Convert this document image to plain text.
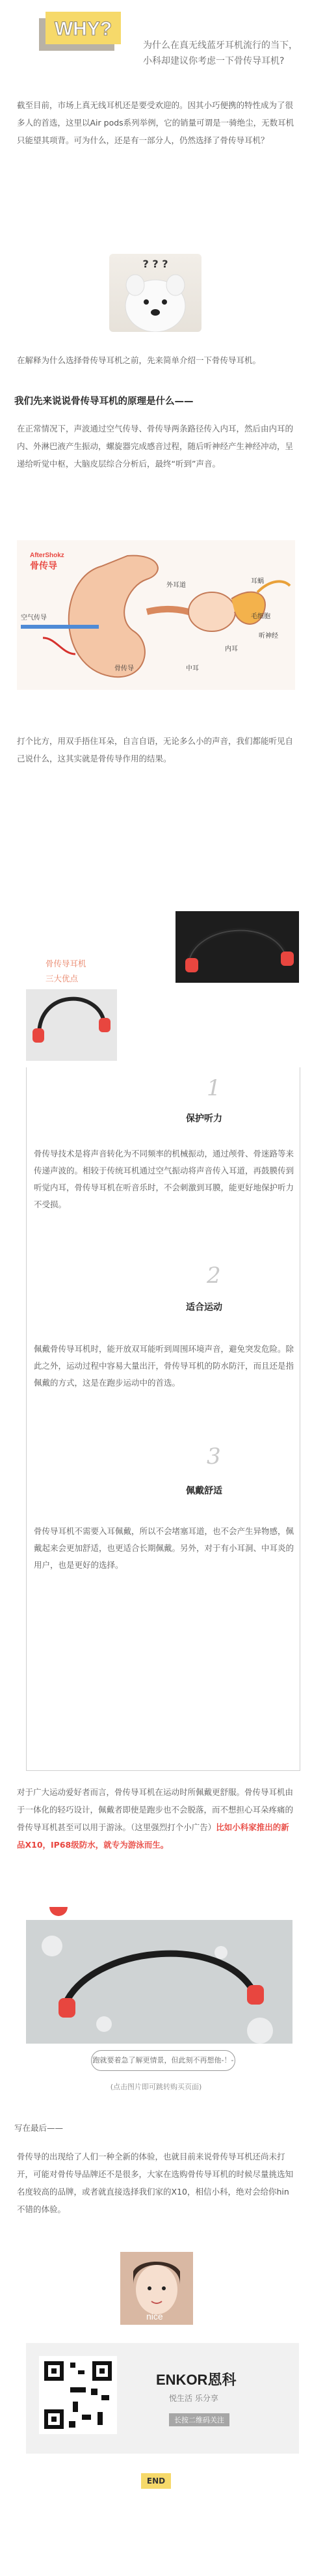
WHY?
为什么在真无线蓝牙耳机流行的当下，小科却建议你考虑一下骨传导耳机?

截至目前，市场上真无线耳机还是要受欢迎的。因其小巧便携的特性成为了很多人的首选，这里以Air pods系列举例，它的销量可谓是一骑绝尘，无数耳机只能望其项背。可为什么，还是有一部分人，仍然选择了骨传导耳机？

? ? ?

在解释为什么选择骨传导耳机之前，先来简单介绍一下骨传导耳机。

我们先来说说骨传导耳机的原理是什么——

在正常情况下，声波通过空气传导、骨传导两条路径传入内耳，然后由内耳的内、外淋巴液产生振动，螺旋器完成感音过程，随后听神经产生神经冲动，呈递给听觉中枢，大脑皮层综合分析后，最终“听到”声音。

AfterShokz
骨传导
空气传导
外耳道
耳蜗
听神经
内耳
中耳
骨传导
毛细胞

打个比方，用双手捂住耳朵，自言自语，无论多么小的声音，我们都能听见自己说什么，这其实就是骨传导作用的结果。

骨传导耳机
三大优点
1
保护听力

骨传导技术是将声音转化为不同频率的机械振动，通过颅骨、骨迷路等来传递声波的。相较于传统耳机通过空气振动将声音传入耳道，再鼓膜传到听觉内耳，骨传导耳机在听音乐时，不会刺激到耳膜，能更好地保护听力不受损。

2
适合运动

佩戴骨传导耳机时，能开放双耳能听到周围环境声音，避免突发危险。除此之外，运动过程中容易大量出汗，骨传导耳机的防水防汗，而且还是指佩戴的方式，这是在跑步运动中的首选。

3
佩戴舒适

骨传导耳机不需要入耳佩戴，所以不会堵塞耳道，也不会产生异物感，佩戴起来会更加舒适，也更适合长期佩戴。另外，对于有小耳洞、中耳炎的用户，也是更好的选择。

对于广大运动爱好者而言，骨传导耳机在运动时所佩戴更舒服。骨传导耳机由于一体化的轻巧设计，佩戴者即使是跑步也不会脱落，而不想担心耳朵疼痛的骨传导耳机甚至可以用于游泳。（这里强烈打个小广告）比如小科家推出的新品X10，IP68级防水，就专为游泳而生。

跑就要着急了解更情景，但此刻不再想他-！-
(点击图片即可跳转购买页面)
写在最后——

骨传导的出现给了人们一种全新的体验，也就目前来说骨传导耳机还尚未打开，可能对骨传导品牌还不是很多，大家在选购骨传导耳机的时候尽量挑选知名度较高的品牌，或者就直接选择我们家的X10，相信小科，绝对会给你hin不错的体验。

nice
ENKOR恩科
悦生活 乐分享
长按二维码关注
END
